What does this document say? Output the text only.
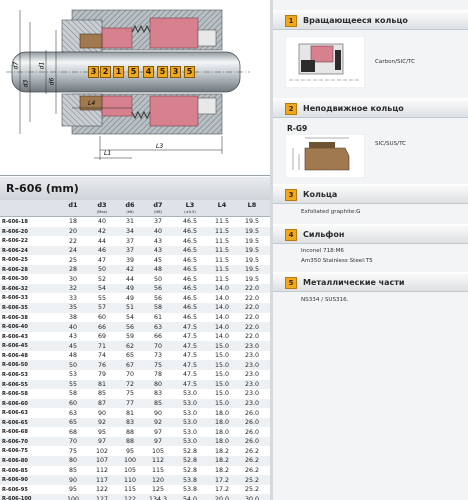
3 2 1	5	4	5 3	5
d7
d3
d1
d6
L4
L3
L1
R-606 (mm)
d1	d3
(Max)
d6
(h6)
d7
(H8)
L3
(±0.5)
L4	L8
R-606-18	18	40	31	37	46.5	11.5	19.5
R-606-20	20	42	34	40	46.5	11.5	19.5
R-606-22	22	44	37	43	46.5	11.5	19.5
R-606-24	24	46	37	43	46.5	11.5	19.5
R-606-25	25	47	39	45	46.5	11.5	19.5
R-606-28	28	50	42	48	46.5	11.5	19.5
R-606-30	30	52	44	50	46.5	11.5	19.5
R-606-32	32	54	49	56	46.5	14.0	22.0
R-606-33	33	55	49	56	46.5	14.0	22.0
R-606-35	35	57	51	58	46.5	14.0	22.0
R-606-38	38	60	54	61	46.5	14.0	22.0
R-606-40	40	66	56	63	47.5	14.0	22.0
R-606-43	43	69	59	66	47.5	14.0	22.0
R-606-45	45	71	62	70	47.5	15.0	23.0
R-606-48	48	74	65	73	47.5	15.0	23.0
R-606-50	50	76	67	75	47.5	15.0	23.0
R-606-53	53	79	70	78	47.5	15.0	23.0
R-606-55	55	81	72	80	47.5	15.0	23.0
R-606-58	58	85	75	83	53.0	15.0	23.0
R-606-60	60	87	77	85	53.0	15.0	23.0
R-606-63	63	90	81	90	53.0	18.0	26.0
R-606-65	65	92	83	92	53.0	18.0	26.0
R-606-68	68	95	88	97	53.0	18.0	26.0
R-606-70	70	97	88	97	53.0	18.0	26.0
R-606-75	75	102	95	105	52.8	18.2	26.2
R-606-80	80	107	100	112	52.8	18.2	26.2
R-606-85	85	112	105	115	52.8	18.2	26.2
R-606-90	90	117	110	120	53.8	17.2	25.2
R-606-95	95	122	115	125	53.8	17.2	25.2
R-606-100	100	127	122	134.3	54.0	20.0	30.0
1	Вращающееся кольцо
Carbon/SIC/TC
2	Неподвижное кольцо
R-G9
SIC/SUS/TC
3	Кольца
Exfoliated graphite:G
4	Сильфон
Inconel 718:M6
Am350 Stainless Steel:T5
5	Металлические части
NS334 / SUS316.
